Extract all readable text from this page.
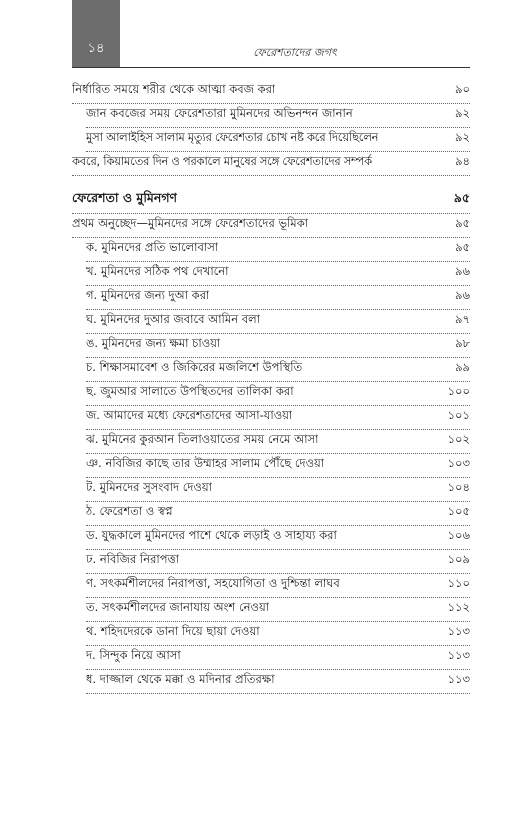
১৪	ফেরেশতাদের জগৎ
নির্ধারিত সময়ে শরীর থেকে আত্মা কবজ করা	৯০
জান কবজের সময় ফেরেশতারা মুমিনদের অভিনন্দন জানান	৯২
মুসা আলাইহিস সালাম মৃত্যুর ফেরেশতার চোখ নষ্ট করে দিয়েছিলেন	৯২
কবরে, কিয়ামতের দিন ও পরকালে মানুষের সঙ্গে ফেরেশতাদের সম্পর্ক	৯৪
ফেরেশতা ও মুমিনগণ	৯৫
প্রথম অনুচ্ছেদ—মুমিনদের সঙ্গে ফেরেশতাদের ভূমিকা	৯৫
ক. মুমিনদের প্রতি ভালোবাসা	৯৫
খ. মুমিনদের সঠিক পথ দেখানো	৯৬
গ. মুমিনদের জন্য দুআ করা	৯৬
ঘ. মুমিনদের দুআর জবাবে আমিন বলা	৯৭
ঙ. মুমিনদের জন্য ক্ষমা চাওয়া	৯৮
চ. শিক্ষাসমাবেশ ও জিকিরের মজলিশে উপস্থিতি	৯৯
ছ. জুমআর সালাতে উপস্থিতদের তালিকা করা	১০০
জ. আমাদের মধ্যে ফেরেশতাদের আসা-যাওয়া	১০১
ঝ. মুমিনের কুরআন তিলাওয়াতের সময় নেমে আসা	১০২
ঞ. নবিজির কাছে তার উম্মাহর সালাম পৌঁছে দেওয়া	১০৩
ট. মুমিনদের সুসংবাদ দেওয়া	১০৪
ঠ. ফেরেশতা ও স্বপ্ন	১০৫
ড. যুদ্ধকালে মুমিনদের পাশে থেকে লড়াই ও সাহায্য করা	১০৬
ঢ. নবিজির নিরাপত্তা	১০৯
ণ. সৎকর্মশীলদের নিরাপত্তা, সহযোগিতা ও দুশ্চিন্তা লাঘব	১১০
ত. সৎকর্মশীলদের জানাযায় অংশ নেওয়া	১১২
থ. শহিদদেরকে ডানা দিয়ে ছায়া দেওয়া	১১৩
দ. সিন্দুক নিয়ে আসা	১১৩
ধ. দাজ্জাল থেকে মক্কা ও মদিনার প্রতিরক্ষা	১১৩
